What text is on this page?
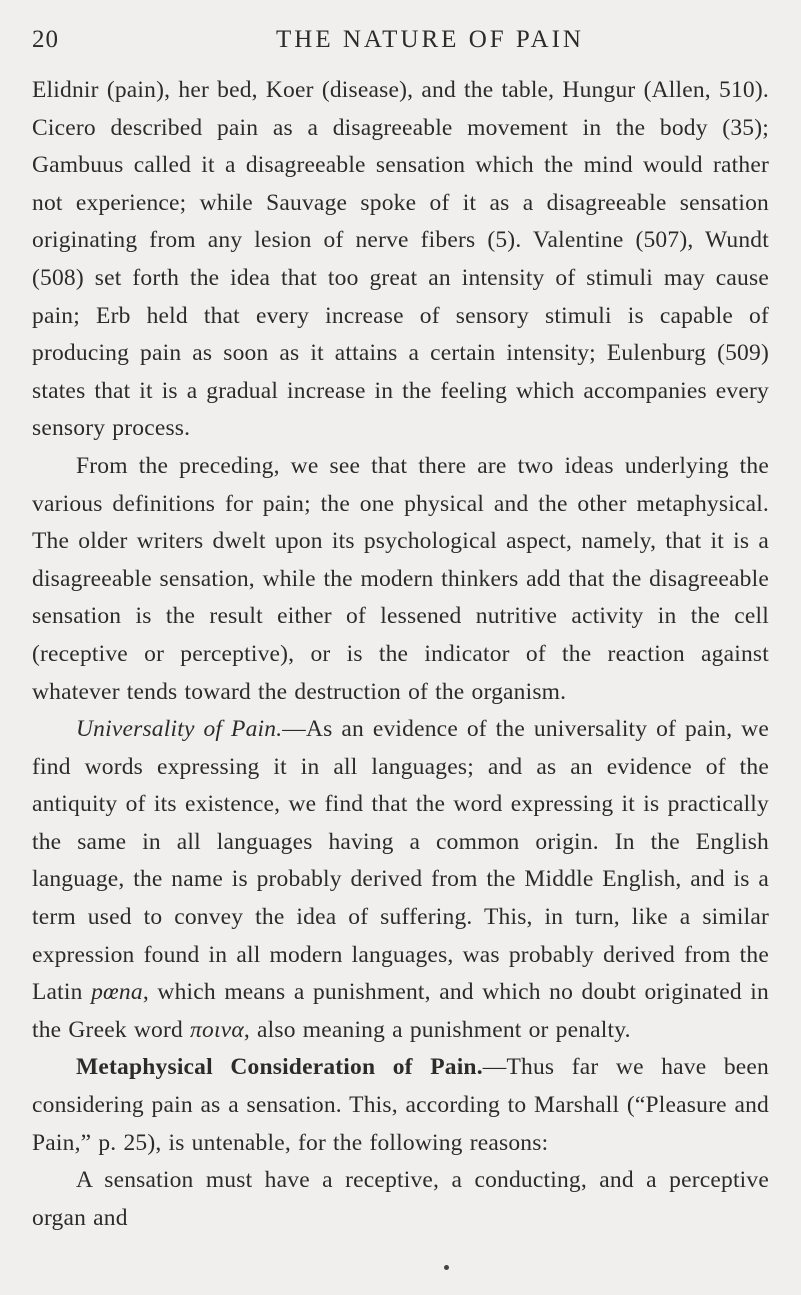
20	THE NATURE OF PAIN

Elidnir (pain), her bed, Koer (disease), and the table, Hungur (Allen, 510). Cicero described pain as a disagreeable movement in the body (35); Gambuus called it a disagreeable sensation which the mind would rather not experience; while Sauvage spoke of it as a disagreeable sensation originating from any lesion of nerve fibers (5). Valentine (507), Wundt (508) set forth the idea that too great an intensity of stimuli may cause pain; Erb held that every increase of sensory stimuli is capable of producing pain as soon as it attains a certain intensity; Eulenburg (509) states that it is a gradual increase in the feeling which accompanies every sensory process.

From the preceding, we see that there are two ideas underlying the various definitions for pain; the one physical and the other metaphysical. The older writers dwelt upon its psychological aspect, namely, that it is a disagreeable sensation, while the modern thinkers add that the disagreeable sensation is the result either of lessened nutritive activity in the cell (receptive or perceptive), or is the indicator of the reaction against whatever tends toward the destruction of the organism.

Universality of Pain.—As an evidence of the universality of pain, we find words expressing it in all languages; and as an evidence of the antiquity of its existence, we find that the word expressing it is practically the same in all languages having a common origin. In the English language, the name is probably derived from the Middle English, and is a term used to convey the idea of suffering. This, in turn, like a similar expression found in all modern languages, was probably derived from the Latin pœna, which means a punishment, and which no doubt originated in the Greek word ποινα, also meaning a punishment or penalty.

Metaphysical Consideration of Pain.—Thus far we have been considering pain as a sensation. This, according to Marshall (“Pleasure and Pain,” p. 25), is untenable, for the following reasons:

A sensation must have a receptive, a conducting, and a perceptive organ and
